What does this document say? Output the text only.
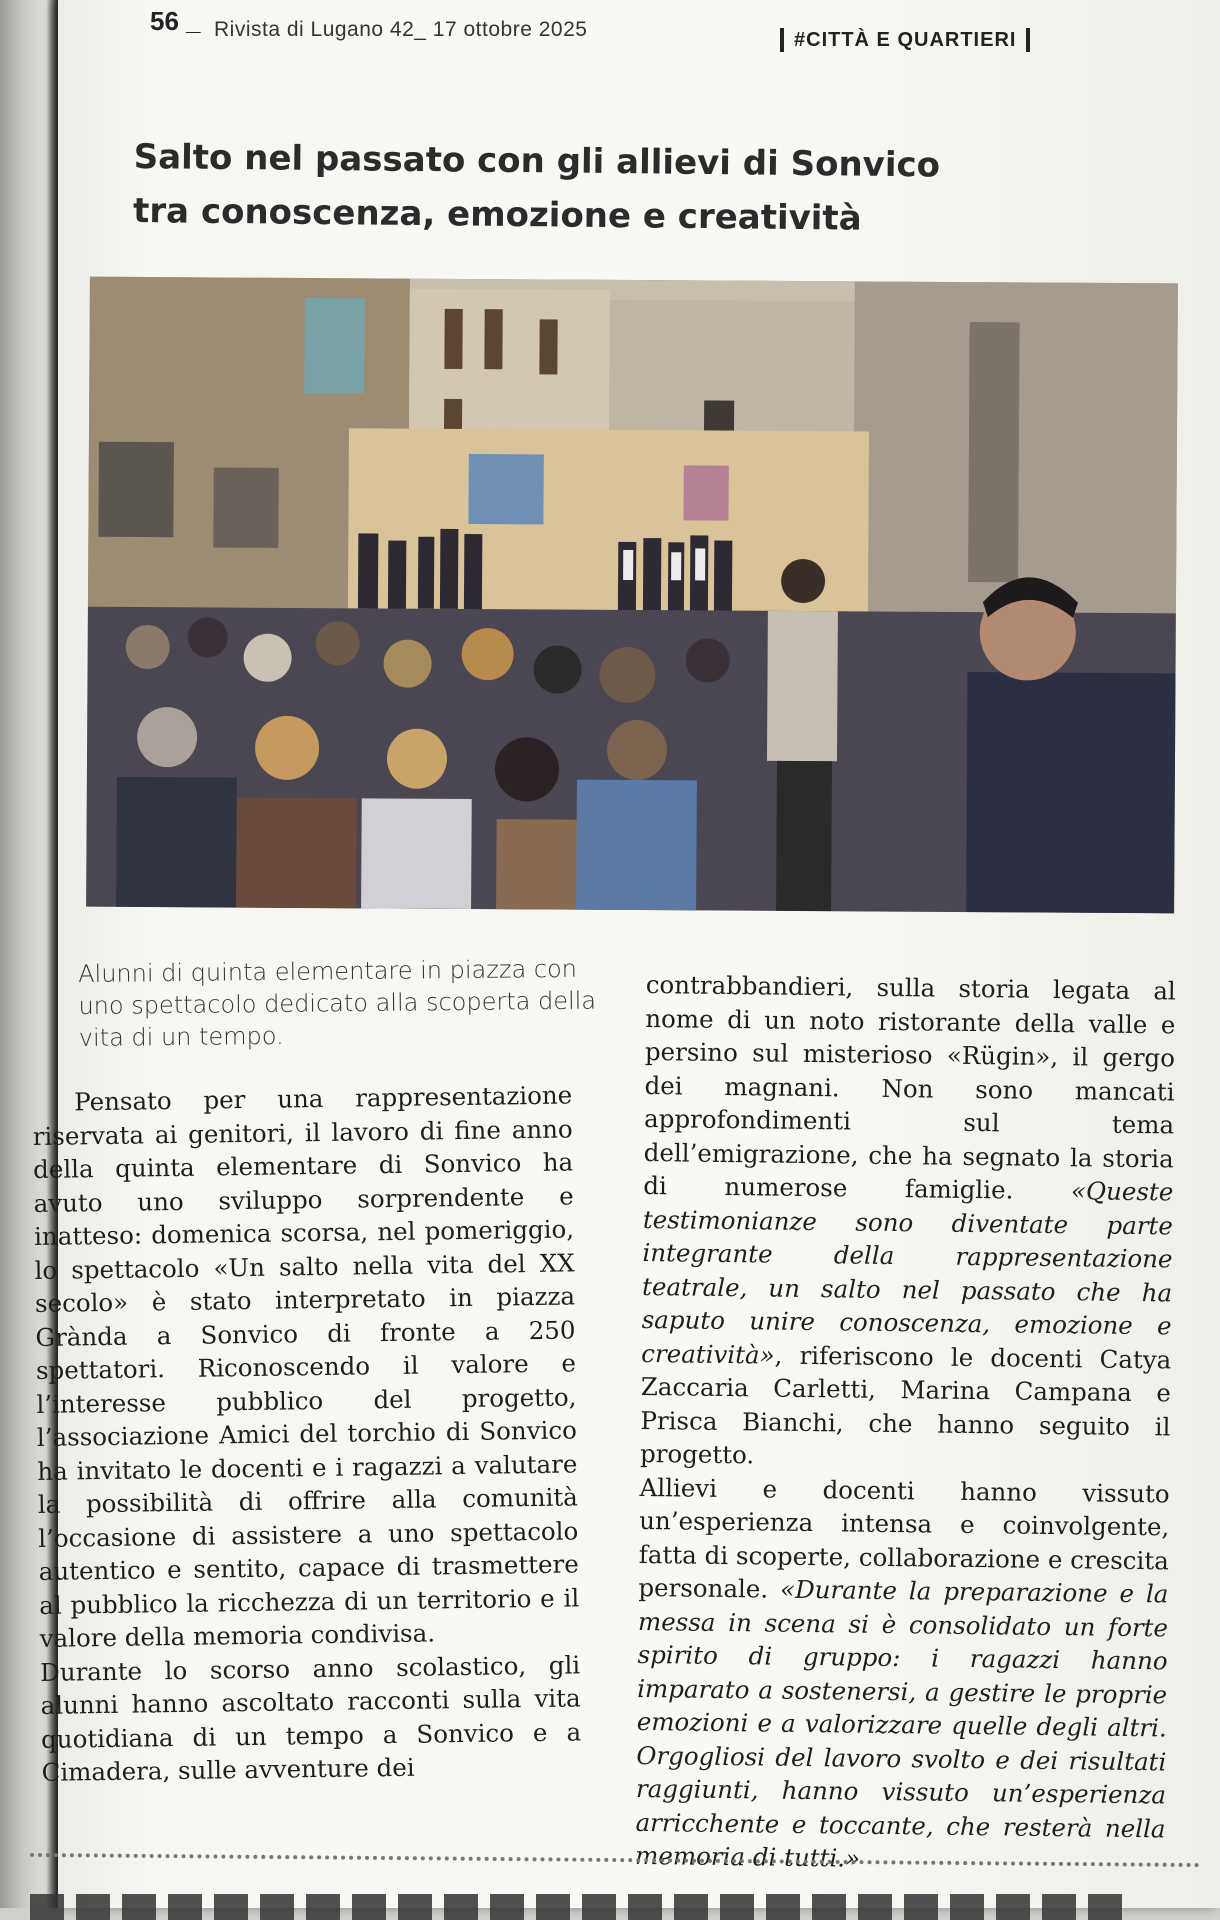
56 _ Rivista di Lugano 42_ 17 ottobre 2025	#CITTÀ E QUARTIERI
Salto nel passato con gli allievi di Sonvico
tra conoscenza, emozione e creatività
Alunni di quinta elementare in piazza con uno spettacolo dedicato alla scoperta della vita di un tempo.

Pensato per una rappresentazione riservata ai genitori, il lavoro di fine anno della quinta elementare di Sonvico ha avuto uno sviluppo sorprendente e inatteso: domenica scorsa, nel pomeriggio, lo spettacolo «Un salto nella vita del XX secolo» è stato interpretato in piazza Grànda a Sonvico di fronte a 250 spettatori. Riconoscendo il valore e l’interesse pubblico del progetto, l’associazione Amici del torchio di Sonvico ha invitato le docenti e i ragazzi a valutare la possibilità di offrire alla comunità l’occasione di assistere a uno spettacolo autentico e sentito, capace di trasmettere al pubblico la ricchezza di un territorio e il valore della memoria condivisa.

Durante lo scorso anno scolastico, gli alunni hanno ascoltato racconti sulla vita quotidiana di un tempo a Sonvico e a Cimadera, sulle avventure dei

contrabbandieri, sulla storia legata al nome di un noto ristorante della valle e persino sul misterioso «Rügin», il gergo dei magnani. Non sono mancati approfondimenti sul tema dell’emigrazione, che ha segnato la storia di numerose famiglie. «Queste testimonianze sono diventate parte integrante della rappresentazione teatrale, un salto nel passato che ha saputo unire conoscenza, emozione e creatività», riferiscono le docenti Catya Zaccaria Carletti, Marina Campana e Prisca Bianchi, che hanno seguito il progetto.

Allievi e docenti hanno vissuto un’esperienza intensa e coinvolgente, fatta di scoperte, collaborazione e crescita personale. «Durante la preparazione e la messa in scena si è consolidato un forte spirito di gruppo: i ragazzi hanno imparato a sostenersi, a gestire le proprie emozioni e a valorizzare quelle degli altri. Orgogliosi del lavoro svolto e dei risultati raggiunti, hanno vissuto un’esperienza arricchente e toccante, che resterà nella memoria di tutti.»
